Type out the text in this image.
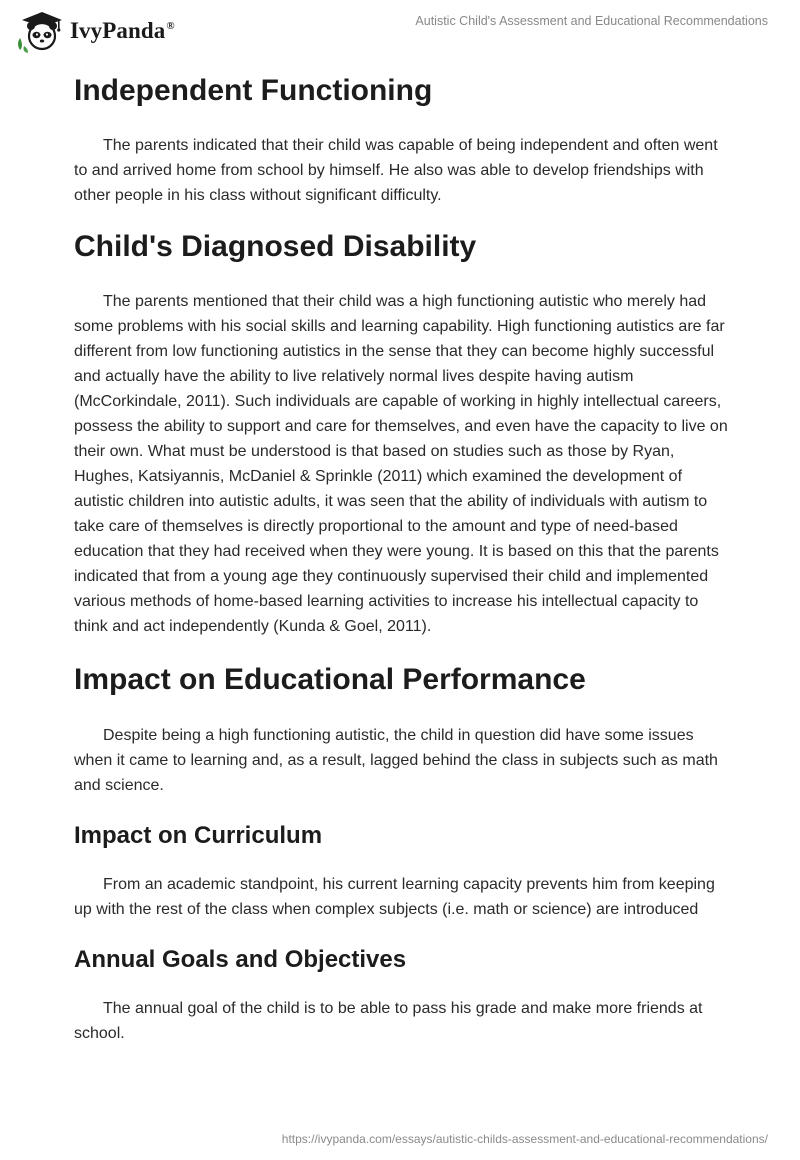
IvyPanda®	Autistic Child's Assessment and Educational Recommendations
Independent Functioning

The parents indicated that their child was capable of being independent and often went to and arrived home from school by himself. He also was able to develop friendships with other people in his class without significant difficulty.

Child's Diagnosed Disability

The parents mentioned that their child was a high functioning autistic who merely had some problems with his social skills and learning capability. High functioning autistics are far different from low functioning autistics in the sense that they can become highly successful and actually have the ability to live relatively normal lives despite having autism (McCorkindale, 2011). Such individuals are capable of working in highly intellectual careers, possess the ability to support and care for themselves, and even have the capacity to live on their own. What must be understood is that based on studies such as those by Ryan, Hughes, Katsiyannis, McDaniel & Sprinkle (2011) which examined the development of autistic children into autistic adults, it was seen that the ability of individuals with autism to take care of themselves is directly proportional to the amount and type of need-based education that they had received when they were young. It is based on this that the parents indicated that from a young age they continuously supervised their child and implemented various methods of home-based learning activities to increase his intellectual capacity to think and act independently (Kunda & Goel, 2011).

Impact on Educational Performance

Despite being a high functioning autistic, the child in question did have some issues when it came to learning and, as a result, lagged behind the class in subjects such as math and science.

Impact on Curriculum

From an academic standpoint, his current learning capacity prevents him from keeping up with the rest of the class when complex subjects (i.e. math or science) are introduced

Annual Goals and Objectives

The annual goal of the child is to be able to pass his grade and make more friends at school.

https://ivypanda.com/essays/autistic-childs-assessment-and-educational-recommendations/
